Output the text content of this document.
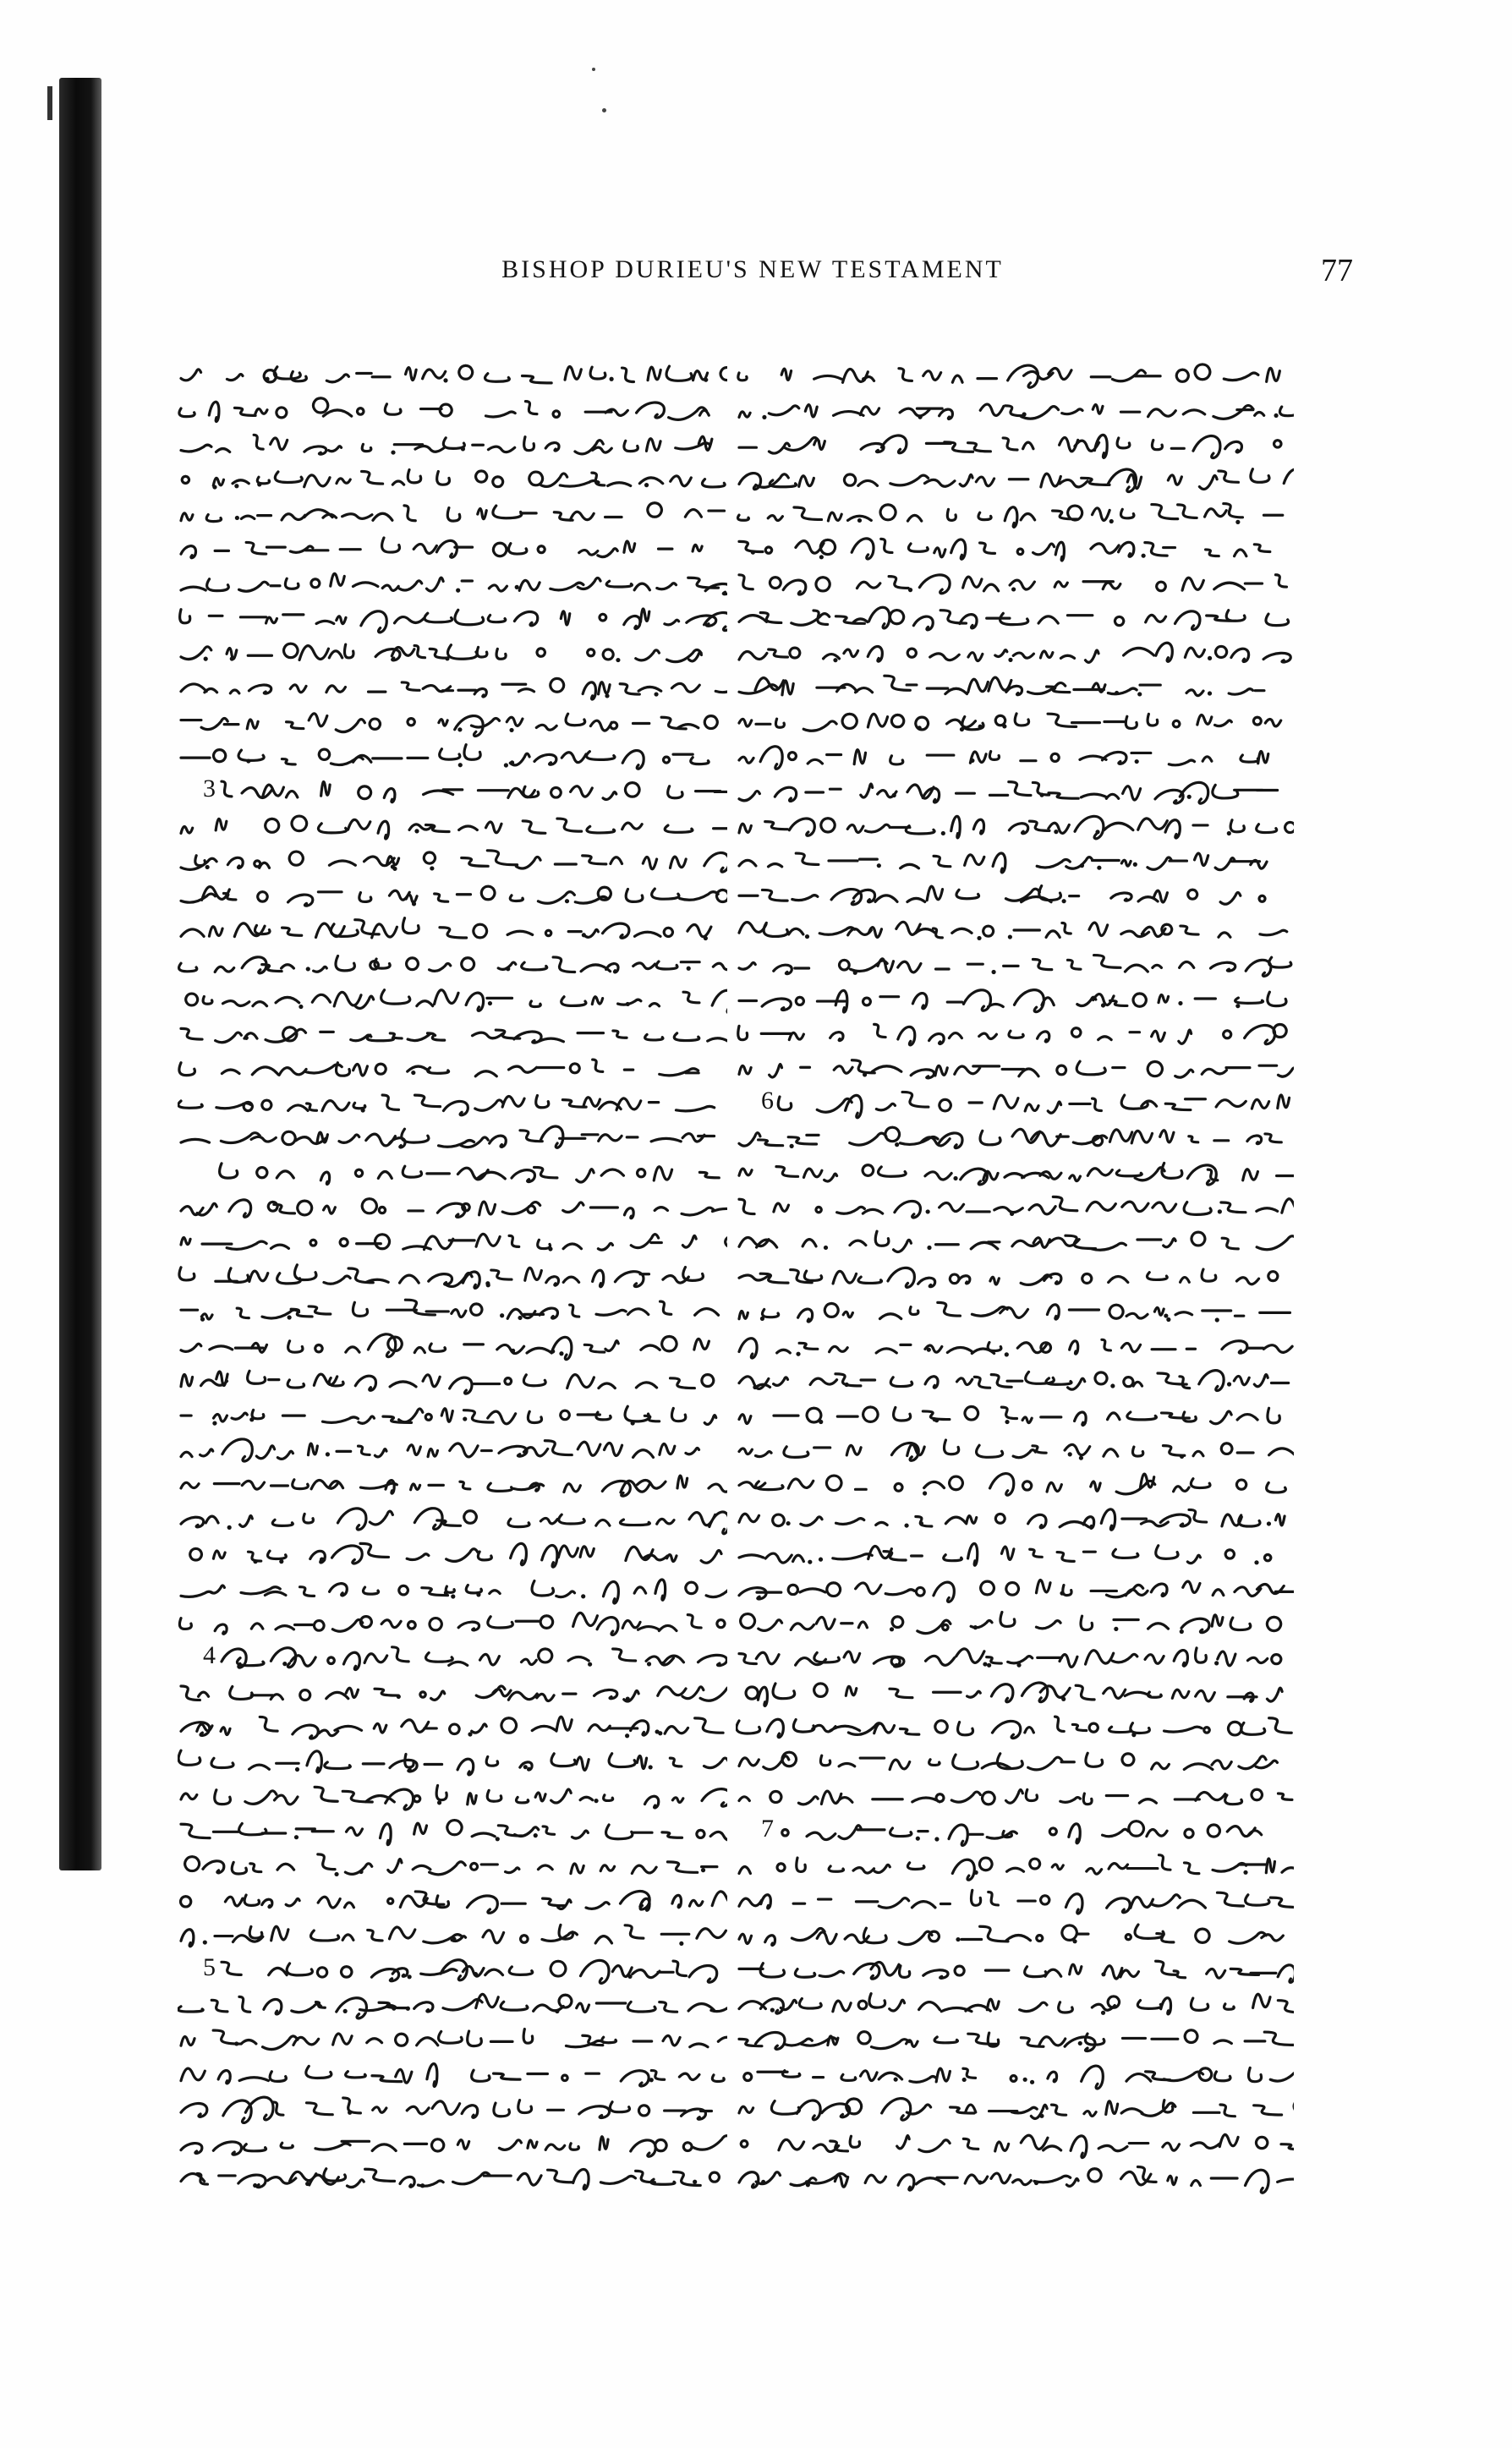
BISHOP DURIEU'S NEW TESTAMENT	77
3
4
5
6
7
